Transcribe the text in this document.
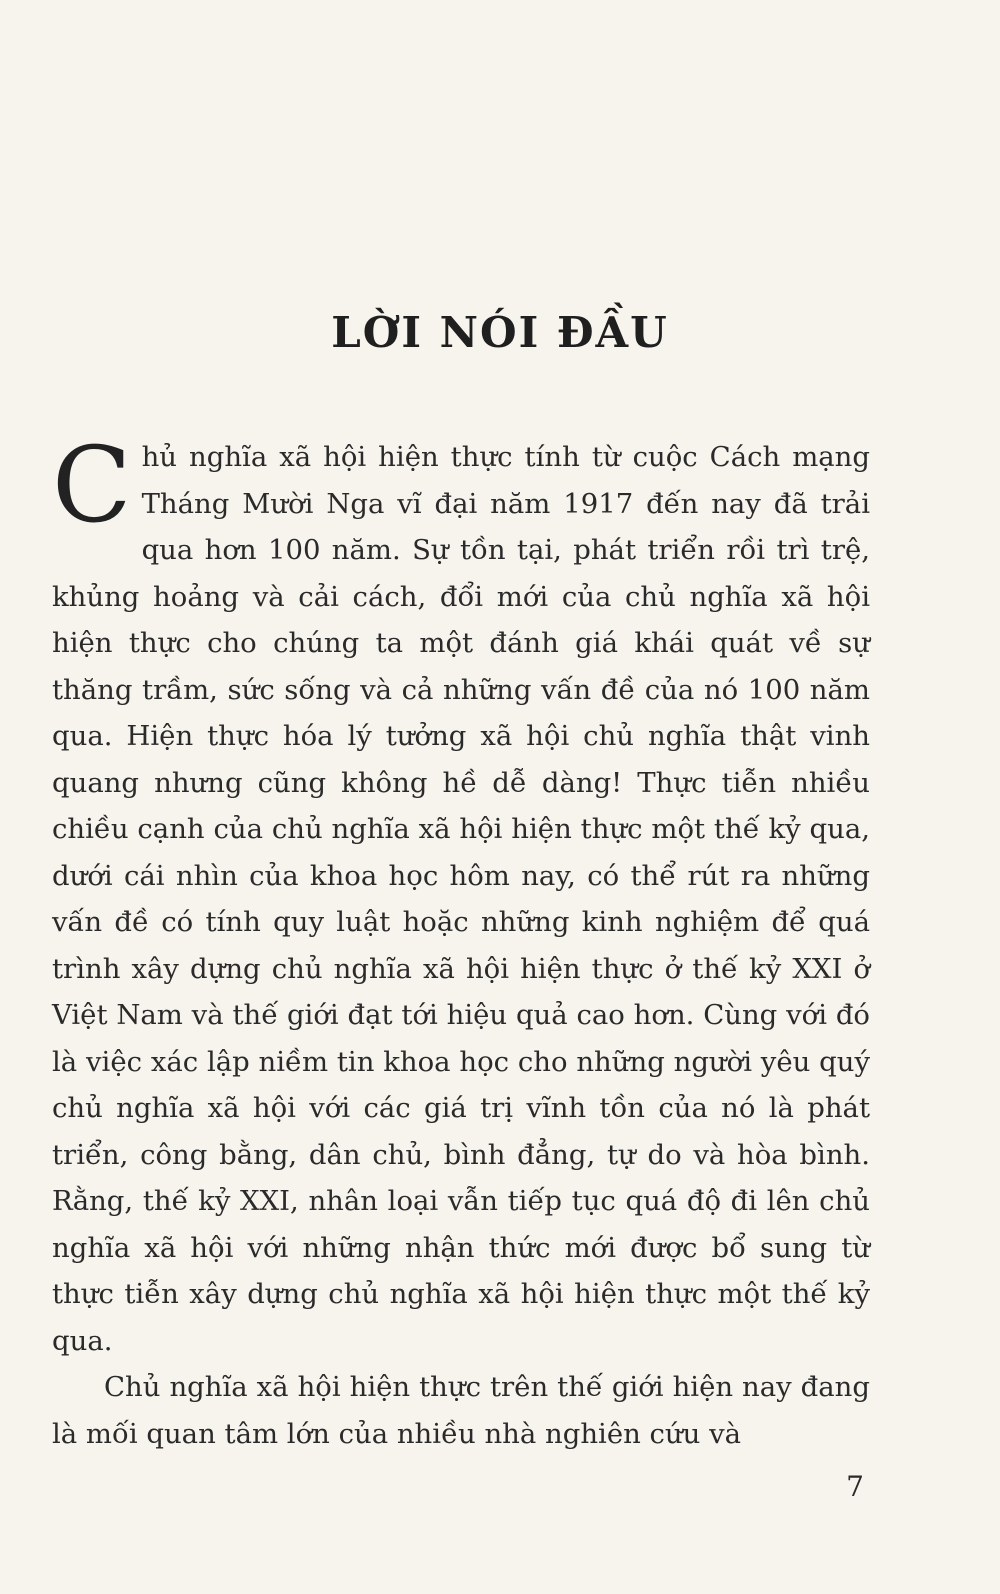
LỜI NÓI ĐẦU

Chủ nghĩa xã hội hiện thực tính từ cuộc Cách mạng Tháng Mười Nga vĩ đại năm 1917 đến nay đã trải qua hơn 100 năm. Sự tồn tại, phát triển rồi trì trệ, khủng hoảng và cải cách, đổi mới của chủ nghĩa xã hội hiện thực cho chúng ta một đánh giá khái quát về sự thăng trầm, sức sống và cả những vấn đề của nó 100 năm qua. Hiện thực hóa lý tưởng xã hội chủ nghĩa thật vinh quang nhưng cũng không hề dễ dàng! Thực tiễn nhiều chiều cạnh của chủ nghĩa xã hội hiện thực một thế kỷ qua, dưới cái nhìn của khoa học hôm nay, có thể rút ra những vấn đề có tính quy luật hoặc những kinh nghiệm để quá trình xây dựng chủ nghĩa xã hội hiện thực ở thế kỷ XXI ở Việt Nam và thế giới đạt tới hiệu quả cao hơn. Cùng với đó là việc xác lập niềm tin khoa học cho những người yêu quý chủ nghĩa xã hội với các giá trị vĩnh tồn của nó là phát triển, công bằng, dân chủ, bình đẳng, tự do và hòa bình. Rằng, thế kỷ XXI, nhân loại vẫn tiếp tục quá độ đi lên chủ nghĩa xã hội với những nhận thức mới được bổ sung từ thực tiễn xây dựng chủ nghĩa xã hội hiện thực một thế kỷ qua.

Chủ nghĩa xã hội hiện thực trên thế giới hiện nay đang là mối quan tâm lớn của nhiều nhà nghiên cứu và

7
